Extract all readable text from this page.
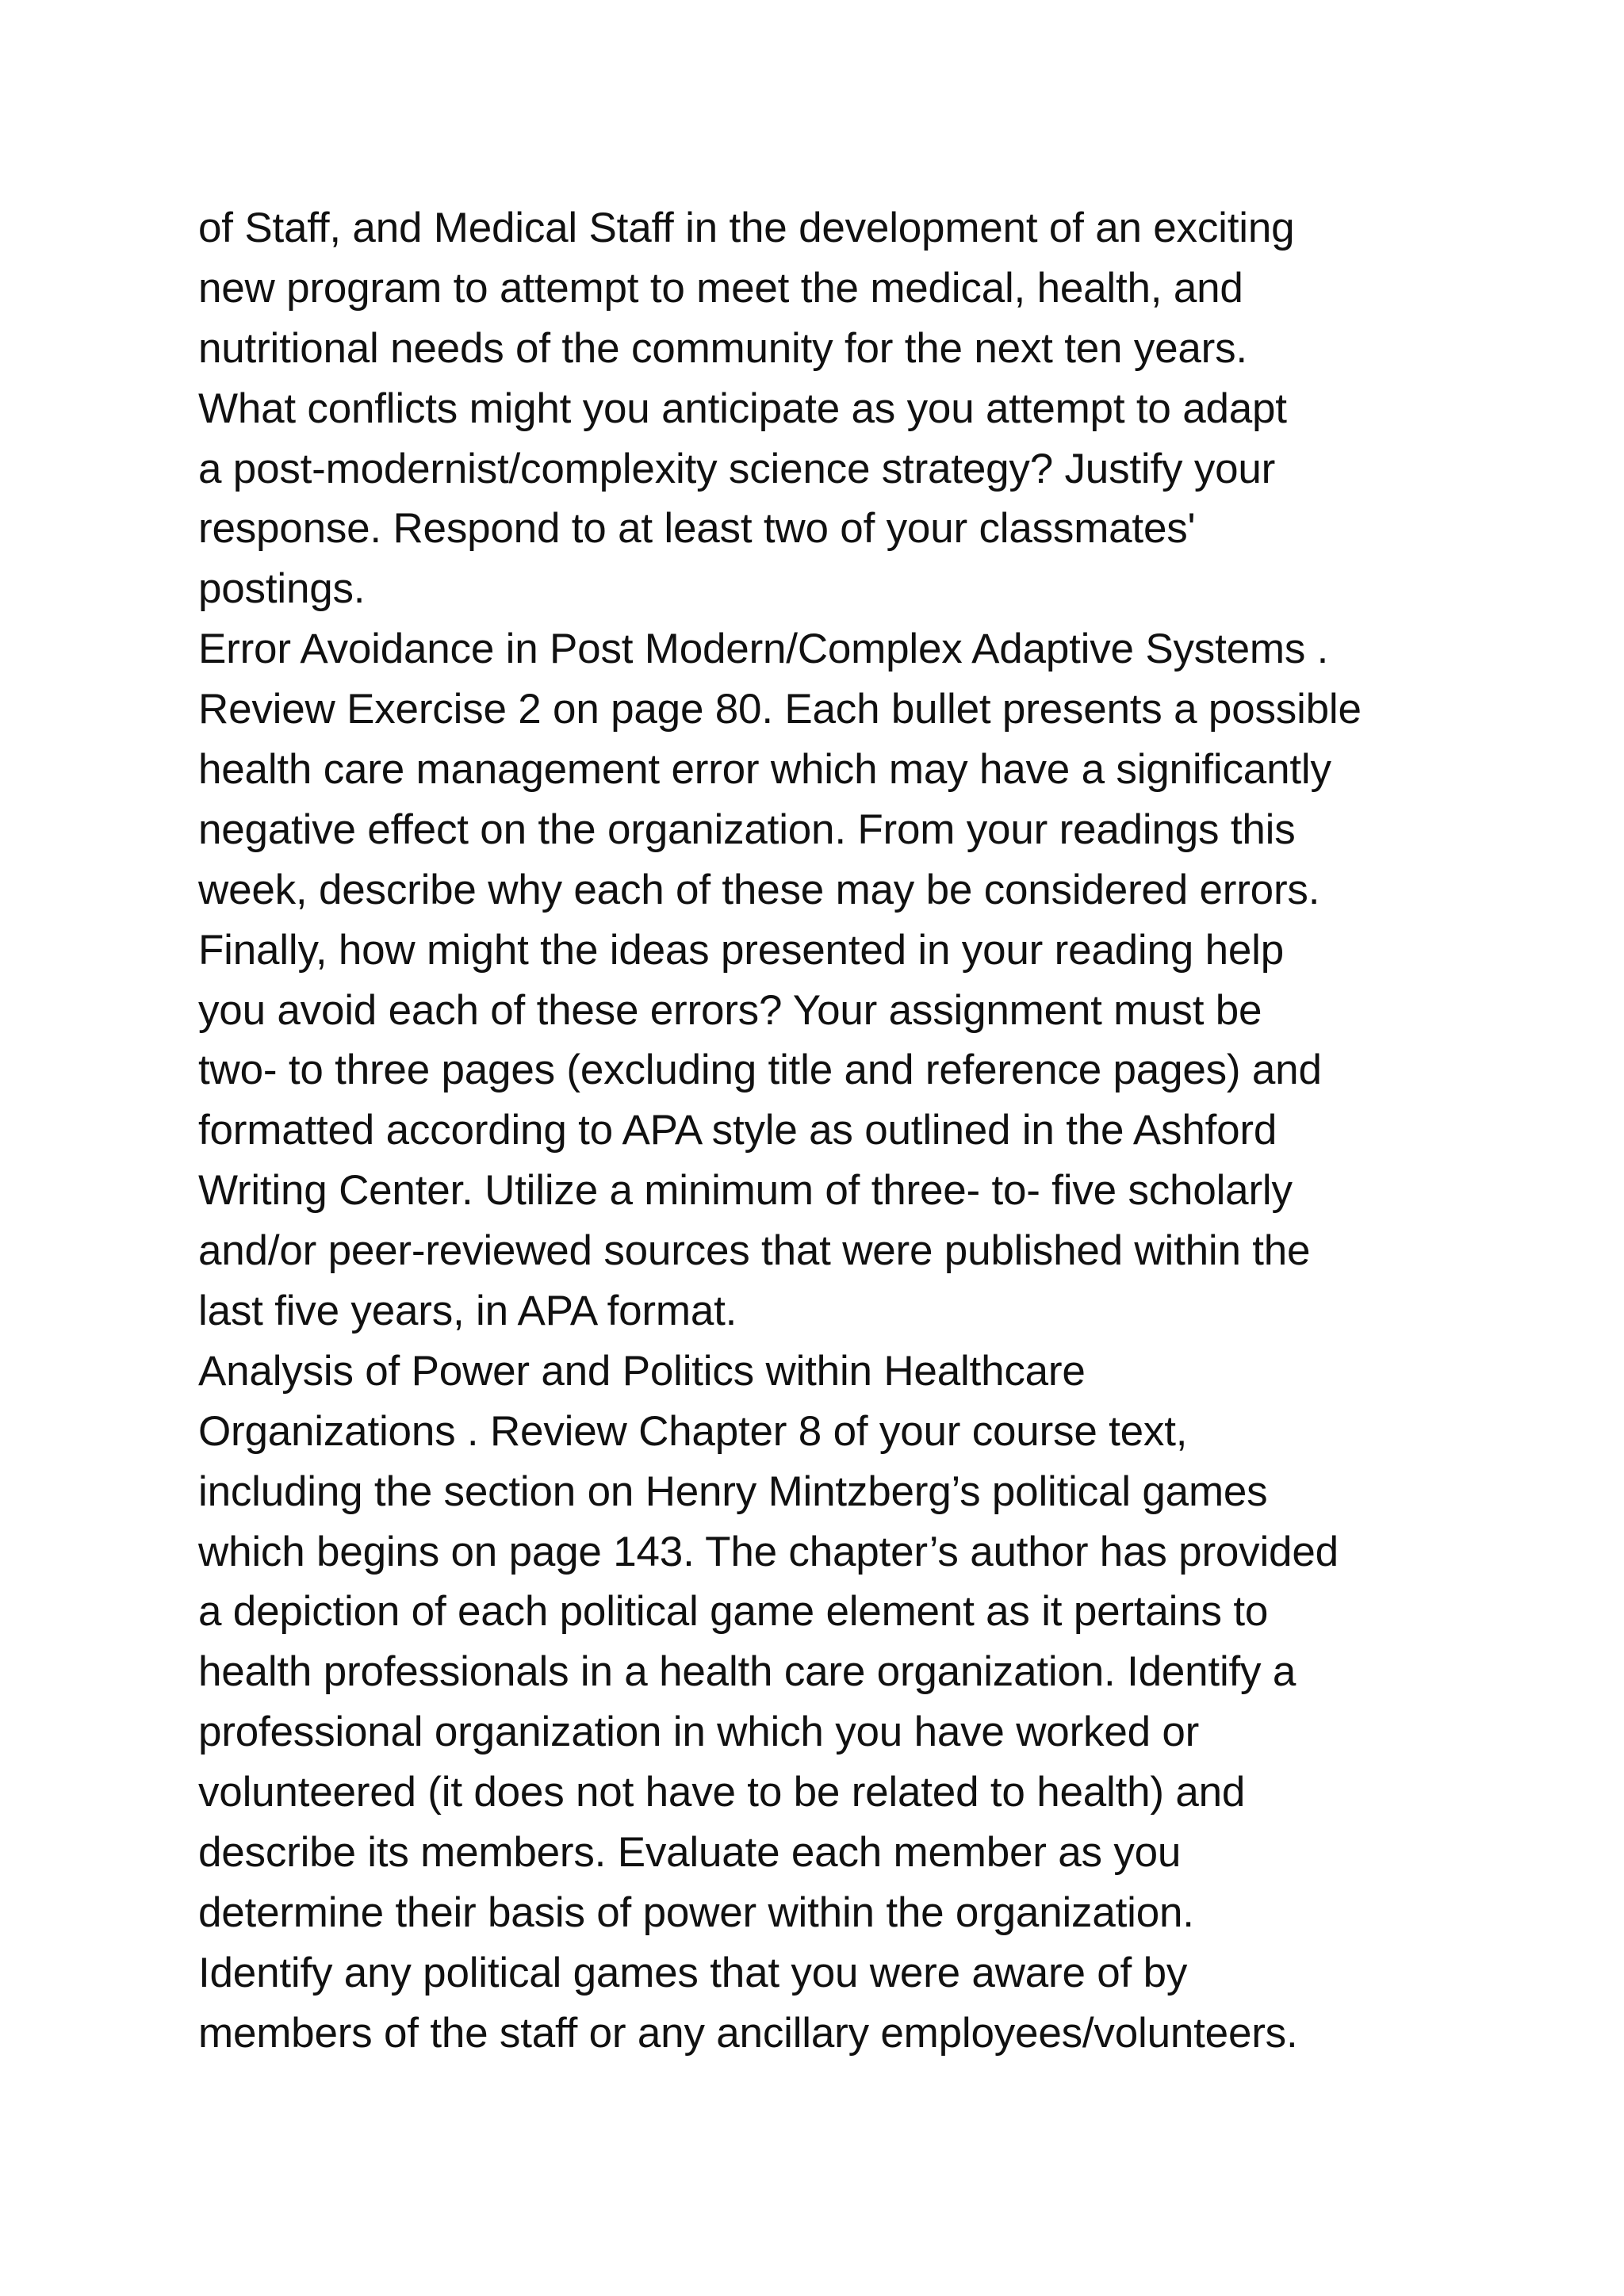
of Staff, and Medical Staff in the development of an exciting
new program to attempt to meet the medical, health, and
nutritional needs of the community for the next ten years.
What conflicts might you anticipate as you attempt to adapt
a post-modernist/complexity science strategy? Justify your
response. Respond to at least two of your classmates'
postings.
Error Avoidance in Post Modern/Complex Adaptive Systems .
Review Exercise 2 on page 80. Each bullet presents a possible
health care management error which may have a significantly
negative effect on the organization. From your readings this
week, describe why each of these may be considered errors.
Finally, how might the ideas presented in your reading help
you avoid each of these errors? Your assignment must be
two- to three pages (excluding title and reference pages) and
formatted according to APA style as outlined in the Ashford
Writing Center. Utilize a minimum of three- to- five scholarly
and/or peer-reviewed sources that were published within the
last five years, in APA format.
Analysis of Power and Politics within Healthcare
Organizations . Review Chapter 8 of your course text,
including the section on Henry Mintzberg’s political games
which begins on page 143. The chapter’s author has provided
a depiction of each political game element as it pertains to
health professionals in a health care organization. Identify a
professional organization in which you have worked or
volunteered (it does not have to be related to health) and
describe its members. Evaluate each member as you
determine their basis of power within the organization.
Identify any political games that you were aware of by
members of the staff or any ancillary employees/volunteers.
